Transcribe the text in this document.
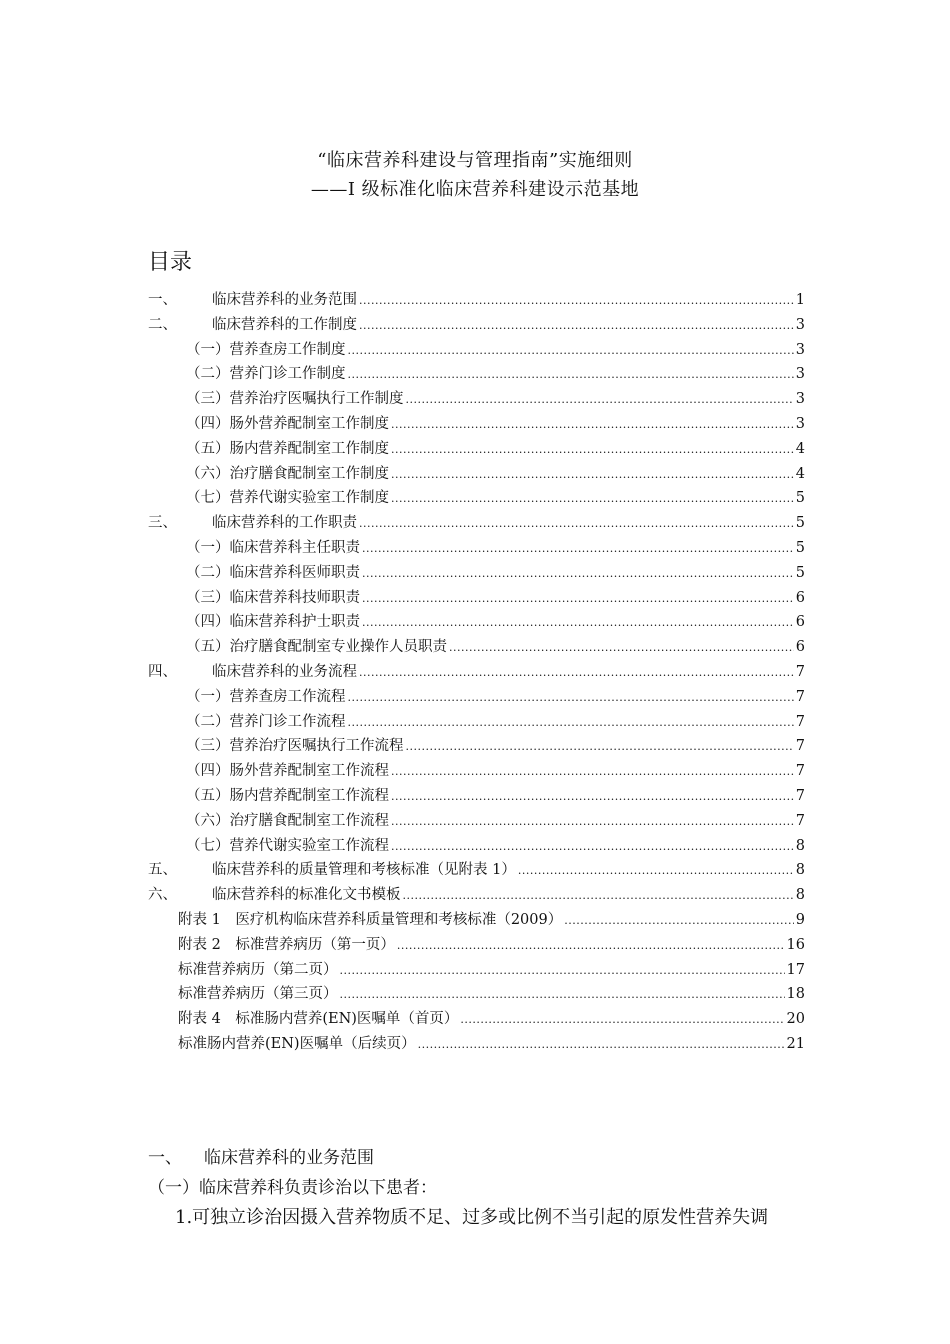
“临床营养科建设与管理指南”实施细则
——I 级标准化临床营养科建设示范基地
目录
一、	临床营养科的业务范围 .....	1
二、	临床营养科的工作制度 .....	3
（一）营养查房工作制度 .....	3
（二）营养门诊工作制度 .....	3
（三）营养治疗医嘱执行工作制度 .....	3
（四）肠外营养配制室工作制度 .....	3
（五）肠内营养配制室工作制度 .....	4
（六）治疗膳食配制室工作制度 .....	4
（七）营养代谢实验室工作制度 .....	5
三、	临床营养科的工作职责 .....	5
（一）临床营养科主任职责 .....	5
（二）临床营养科医师职责 .....	5
（三）临床营养科技师职责 .....	6
（四）临床营养科护士职责 .....	6
（五）治疗膳食配制室专业操作人员职责 .....	6
四、	临床营养科的业务流程 .....	7
（一）营养查房工作流程 .....	7
（二）营养门诊工作流程 .....	7
（三）营养治疗医嘱执行工作流程 .....	7
（四）肠外营养配制室工作流程 .....	7
（五）肠内营养配制室工作流程 .....	7
（六）治疗膳食配制室工作流程 .....	7
（七）营养代谢实验室工作流程 .....	8
五、	临床营养科的质量管理和考核标准（见附表 1） .....	8
六、	临床营养科的标准化文书模板 .....	8
附表 1　医疗机构临床营养科质量管理和考核标准（2009） .....	9
附表 2　标准营养病历（第一页） .....	16
标准营养病历（第二页） .....	17
标准营养病历（第三页） .....	18
附表 4　标准肠内营养(EN)医嘱单（首页） .....	20
标准肠内营养(EN)医嘱单（后续页） .....	21
一、 临床营养科的业务范围
（一）临床营养科负责诊治以下患者：
1.可独立诊治因摄入营养物质不足、过多或比例不当引起的原发性营养失调
